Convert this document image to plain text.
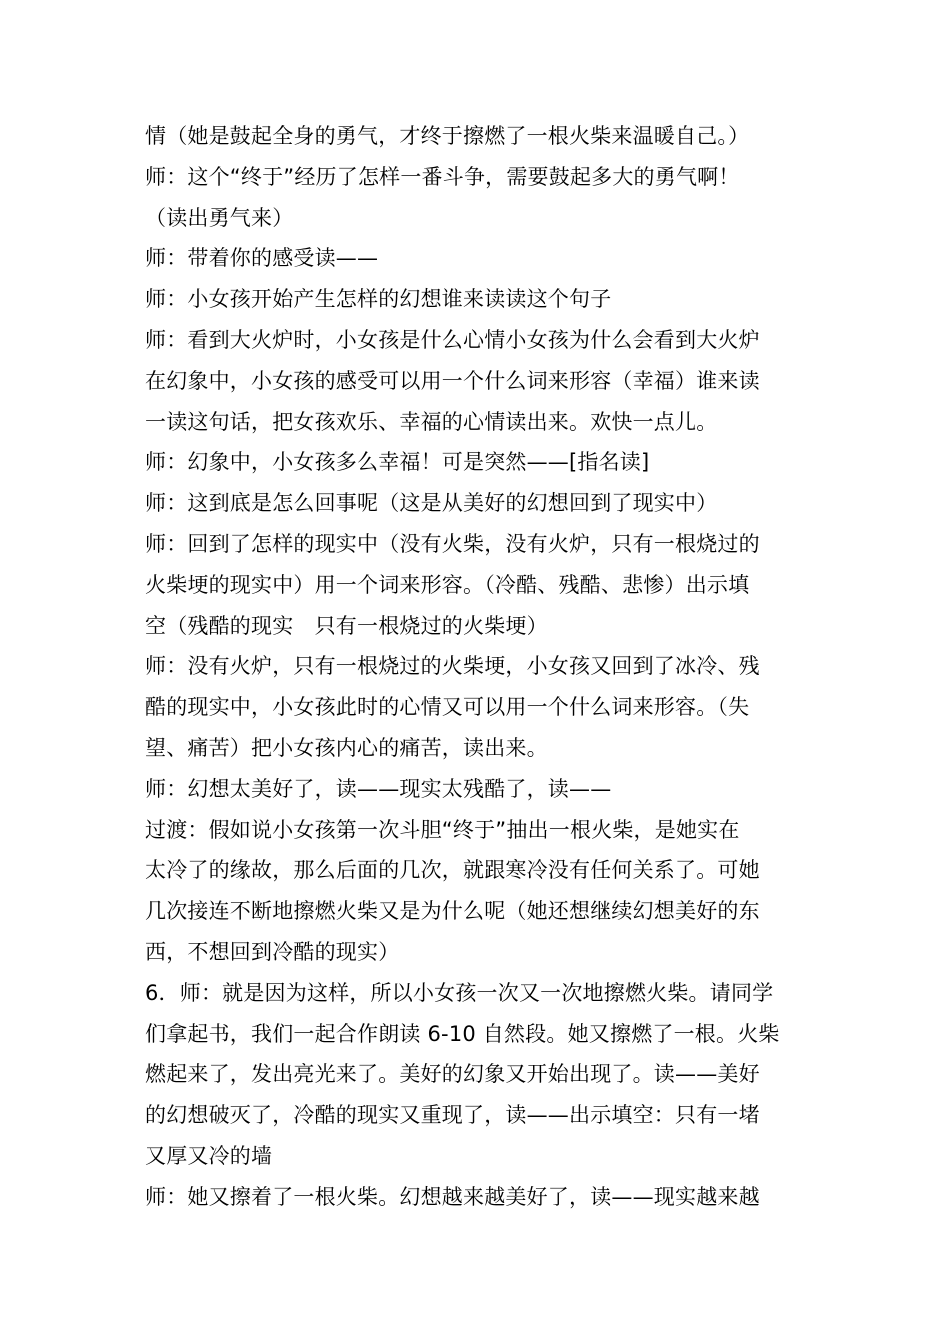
情（她是鼓起全身的勇气，才终于擦燃了一根火柴来温暖自己。）
师：这个“终于”经历了怎样一番斗争，需要鼓起多大的勇气啊！
（读出勇气来）
师：带着你的感受读——
师：小女孩开始产生怎样的幻想谁来读读这个句子
师：看到大火炉时，小女孩是什么心情小女孩为什么会看到大火炉
在幻象中，小女孩的感受可以用一个什么词来形容（幸福）谁来读
一读这句话，把女孩欢乐、幸福的心情读出来。欢快一点儿。
师：幻象中，小女孩多么幸福！可是突然——[指名读]
师：这到底是怎么回事呢（这是从美好的幻想回到了现实中）
师：回到了怎样的现实中（没有火柴，没有火炉，只有一根烧过的
火柴埂的现实中）用一个词来形容。（冷酷、残酷、悲惨）出示填
空（残酷的现实　只有一根烧过的火柴埂）
师：没有火炉，只有一根烧过的火柴埂，小女孩又回到了冰冷、残
酷的现实中，小女孩此时的心情又可以用一个什么词来形容。（失
望、痛苦）把小女孩内心的痛苦，读出来。
师：幻想太美好了，读——现实太残酷了，读——
过渡：假如说小女孩第一次斗胆“终于”抽出一根火柴，是她实在
太冷了的缘故，那么后面的几次，就跟寒冷没有任何关系了。可她
几次接连不断地擦燃火柴又是为什么呢（她还想继续幻想美好的东
西，不想回到冷酷的现实）
6．师：就是因为这样，所以小女孩一次又一次地擦燃火柴。请同学
们拿起书，我们一起合作朗读 6-10 自然段。她又擦燃了一根。火柴
燃起来了，发出亮光来了。美好的幻象又开始出现了。读——美好
的幻想破灭了，冷酷的现实又重现了，读——出示填空：只有一堵
又厚又冷的墙
师：她又擦着了一根火柴。幻想越来越美好了，读——现实越来越
